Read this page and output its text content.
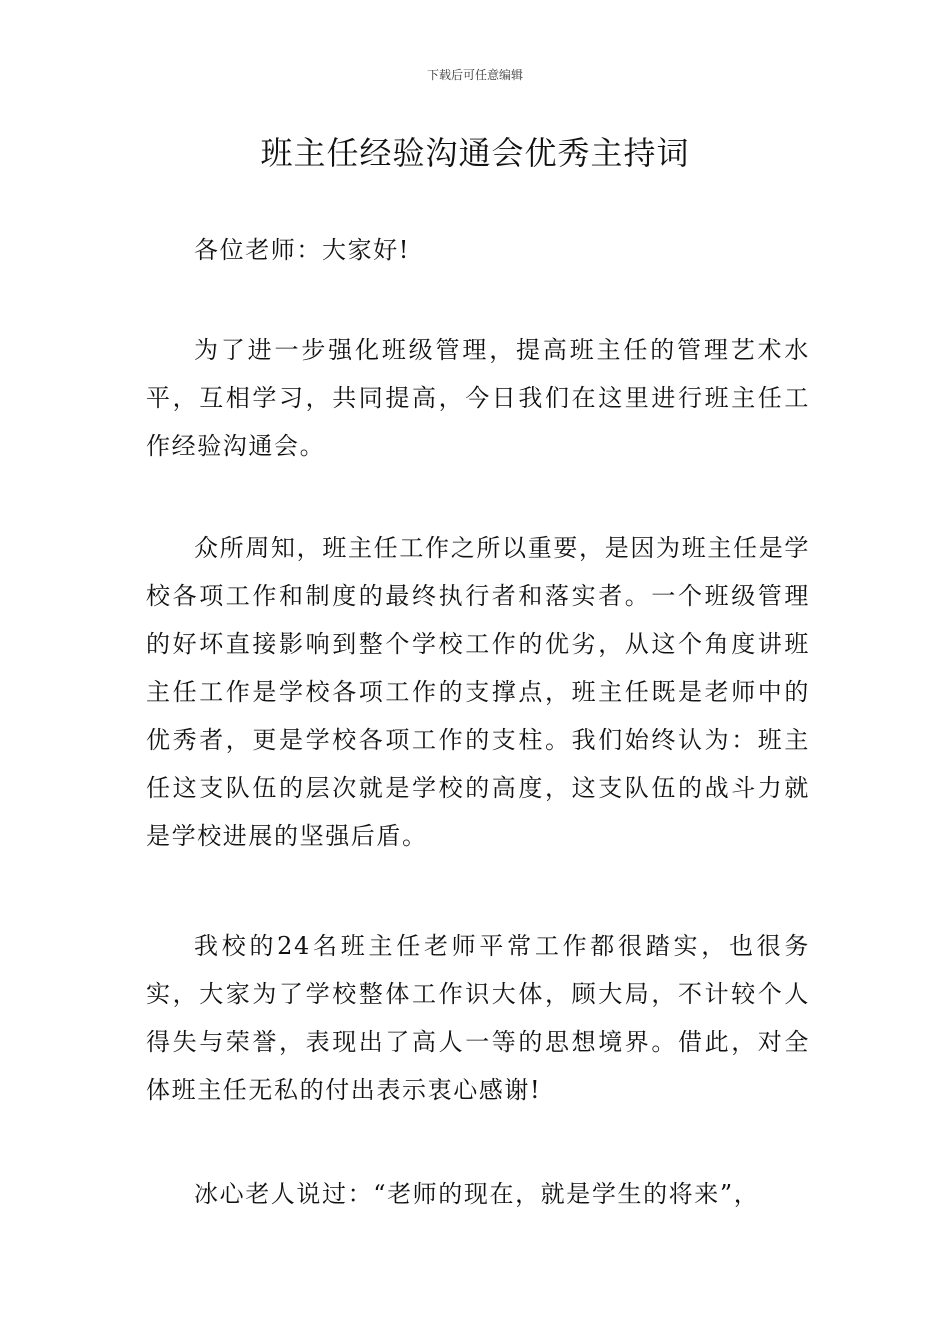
下载后可任意编辑
班主任经验沟通会优秀主持词

各位老师：大家好!

为了进一步强化班级管理，提高班主任的管理艺术水平，互相学习，共同提高，今日我们在这里进行班主任工作经验沟通会。

众所周知，班主任工作之所以重要，是因为班主任是学校各项工作和制度的最终执行者和落实者。一个班级管理的好坏直接影响到整个学校工作的优劣，从这个角度讲班主任工作是学校各项工作的支撑点，班主任既是老师中的优秀者，更是学校各项工作的支柱。我们始终认为：班主任这支队伍的层次就是学校的高度，这支队伍的战斗力就是学校进展的坚强后盾。

我校的24名班主任老师平常工作都很踏实，也很务实，大家为了学校整体工作识大体，顾大局，不计较个人得失与荣誉，表现出了高人一等的思想境界。借此，对全体班主任无私的付出表示衷心感谢!

冰心老人说过：“老师的现在，就是学生的将来”，
